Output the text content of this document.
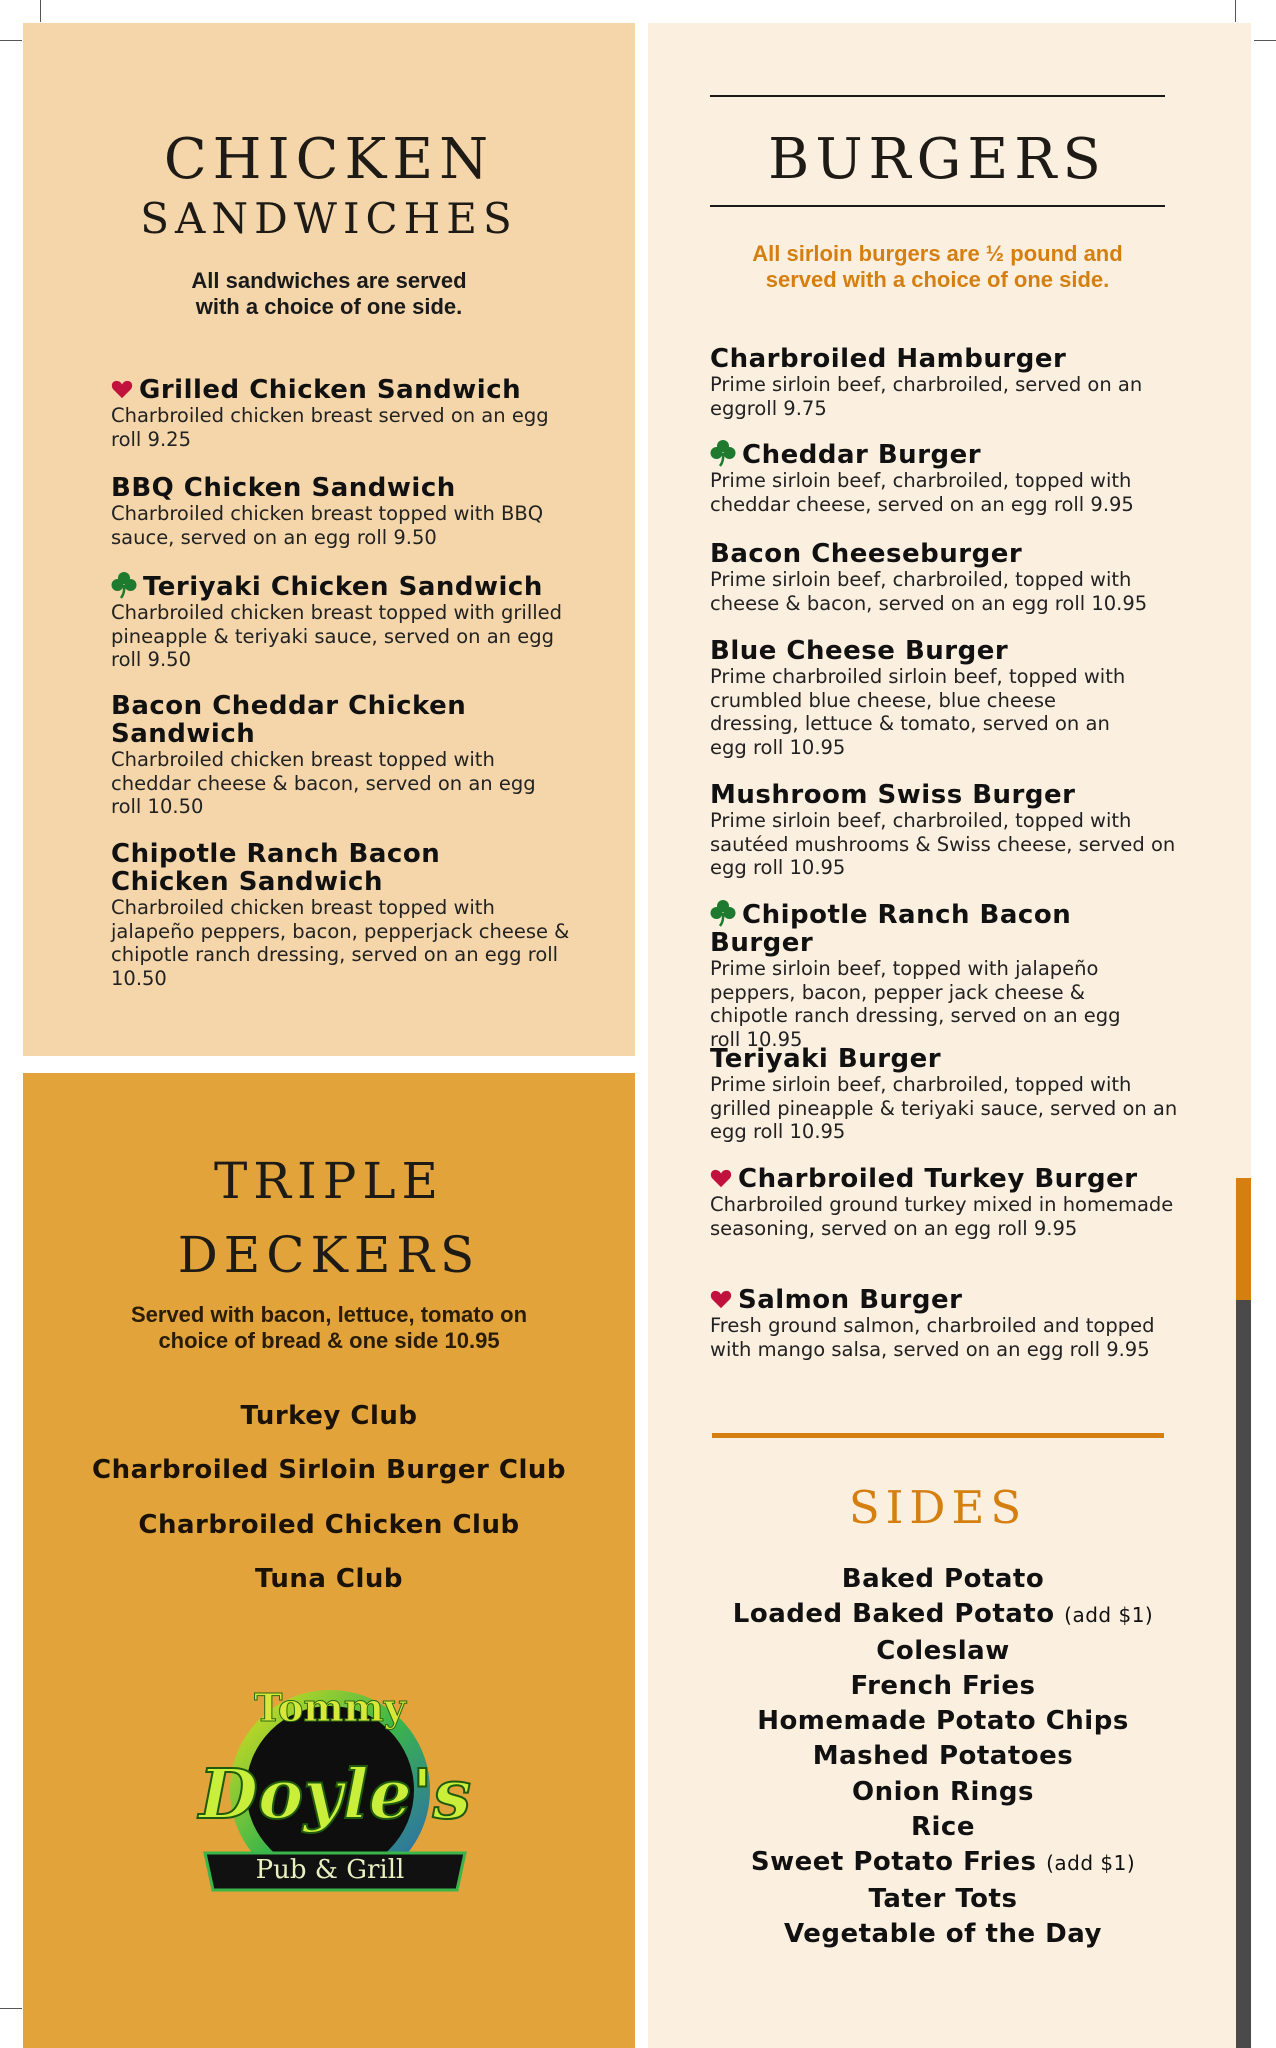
chicken
sandwiches
All sandwiches are served
with a choice of one side.
Grilled Chicken Sandwich
Charbroiled chicken breast served on an egg roll 9.25
BBQ Chicken Sandwich
Charbroiled chicken breast topped with BBQ sauce, served on an egg roll 9.50
Teriyaki Chicken Sandwich
Charbroiled chicken breast topped with grilled pineapple & teriyaki sauce, served on an egg roll 9.50
Bacon Cheddar Chicken Sandwich
Charbroiled chicken breast topped with cheddar cheese & bacon, served on an egg roll 10.50
Chipotle Ranch Bacon Chicken Sandwich
Charbroiled chicken breast topped with jalapeño peppers, bacon, pepperjack cheese & chipotle ranch dressing, served on an egg roll 10.50
triple
deckers
Served with bacon, lettuce, tomato on
choice of bread & one side 10.95
Turkey Club
Charbroiled Sirloin Burger Club
Charbroiled Chicken Club
Tuna Club
Tommy
Doyle's
Pub & Grill
burgers
All sirloin burgers are ½ pound and
served with a choice of one side.
Charbroiled Hamburger
Prime sirloin beef, charbroiled, served on an eggroll 9.75
Cheddar Burger
Prime sirloin beef, charbroiled, topped with cheddar cheese, served on an egg roll 9.95
Bacon Cheeseburger
Prime sirloin beef, charbroiled, topped with cheese & bacon, served on an egg roll 10.95
Blue Cheese Burger
Prime charbroiled sirloin beef, topped with crumbled blue cheese, blue cheese dressing, lettuce & tomato, served on an egg roll 10.95
Mushroom Swiss Burger
Prime sirloin beef, charbroiled, topped with sautéed mushrooms & Swiss cheese, served on egg roll 10.95
Chipotle Ranch Bacon Burger
Prime sirloin beef, topped with jalapeño peppers, bacon, pepper jack cheese & chipotle ranch dressing, served on an egg roll 10.95
Teriyaki Burger
Prime sirloin beef, charbroiled, topped with grilled pineapple & teriyaki sauce, served on an egg roll 10.95
Charbroiled Turkey Burger
Charbroiled ground turkey mixed in homemade seasoning, served on an egg roll 9.95
Salmon Burger
Fresh ground salmon, charbroiled and topped with mango salsa, served on an egg roll 9.95
sides
Baked Potato
Loaded Baked Potato (add $1)
Coleslaw
French Fries
Homemade Potato Chips
Mashed Potatoes
Onion Rings
Rice
Sweet Potato Fries (add $1)
Tater Tots
Vegetable of the Day
